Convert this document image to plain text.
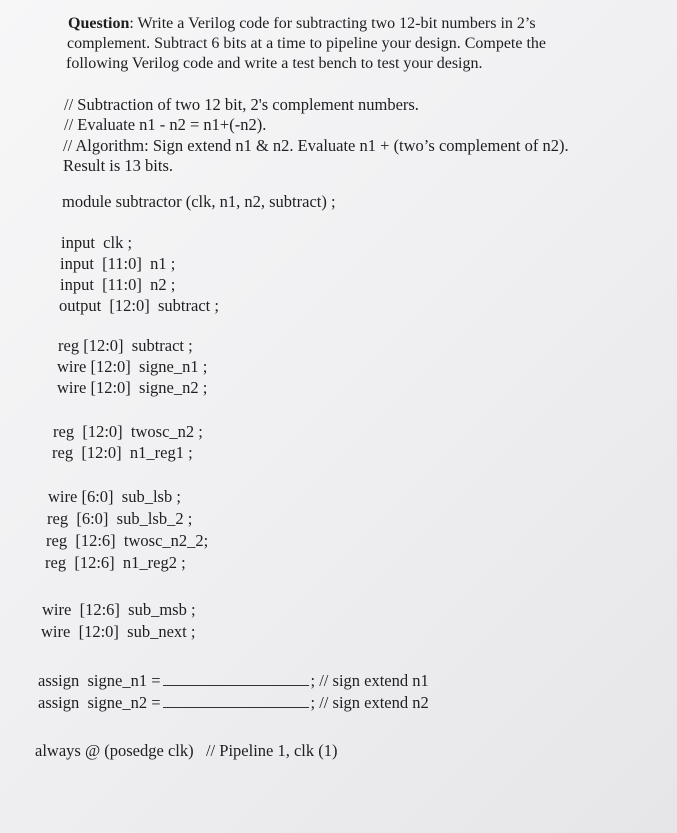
Question: Write a Verilog code for subtracting two 12-bit numbers in 2’s
complement. Subtract 6 bits at a time to pipeline your design. Compete the
following Verilog code and write a test bench to test your design.
// Subtraction of two 12 bit, 2's complement numbers.
// Evaluate n1 - n2 = n1+(-n2).
// Algorithm: Sign extend n1 & n2. Evaluate n1 + (two’s complement of n2).
Result is 13 bits.
module subtractor (clk, n1, n2, subtract) ;
input  clk ;
input  [11:0]  n1 ;
input  [11:0]  n2 ;
output  [12:0]  subtract ;
reg [12:0]  subtract ;
wire [12:0]  signe_n1 ;
wire [12:0]  signe_n2 ;
reg  [12:0]  twosc_n2 ;
reg  [12:0]  n1_reg1 ;
wire [6:0]  sub_lsb ;
reg  [6:0]  sub_lsb_2 ;
reg  [12:6]  twosc_n2_2;
reg  [12:6]  n1_reg2 ;
wire  [12:6]  sub_msb ;
wire  [12:0]  sub_next ;
assign  signe_n1 =	; // sign extend n1
assign  signe_n2 =	; // sign extend n2
always @ (posedge clk)   // Pipeline 1, clk (1)
